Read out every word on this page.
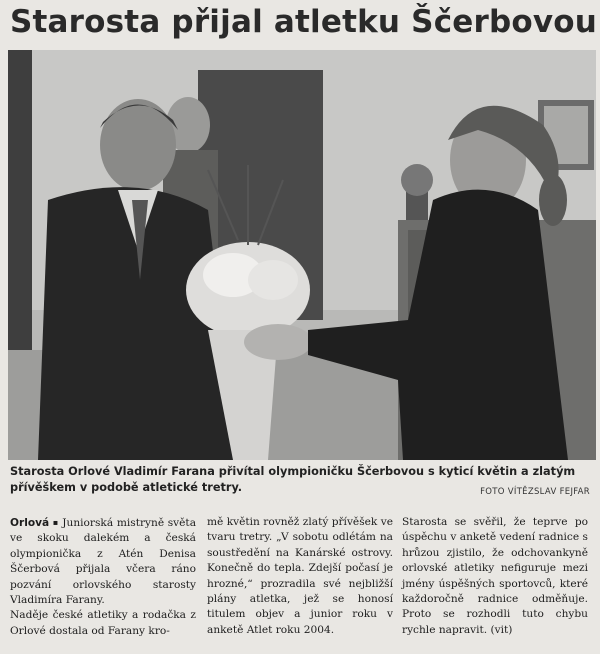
Starosta přijal atletku Ščerbovou
Starosta Orlové Vladimír Farana přivítal olympioničku Ščerbovou s kyticí květin a zlatým přívěškem v podobě atletické tretry.	FOTO VÍTĚZSLAV FEJFAR

Orlová ▪ Juniorská mistryně světa ve skoku dalekém a česká olympionička z Atén Denisa Ščerbová přijala včera ráno pozvání orlovského starosty Vladimíra Farany.

Naděje české atletiky a rodačka z Orlové dostala od Farany kro-

mě květin rovněž zlatý přívěšek ve tvaru tretry. „V sobotu odlétám na soustředění na Kanárské ostrovy. Konečně do tepla. Zdejší počasí je hrozné,“ prozradila své nejbližší plány atletka, jež se honosí titulem objev a junior roku v anketě Atlet roku 2004.

Starosta se svěřil, že teprve po úspěchu v anketě vedení radnice s hrůzou zjistilo, že odchovankyně orlovské atletiky nefiguruje mezi jmény úspěšných sportovců, které každoročně radnice odměňuje. Proto se rozhodli tuto chybu rychle napravit. (vit)
